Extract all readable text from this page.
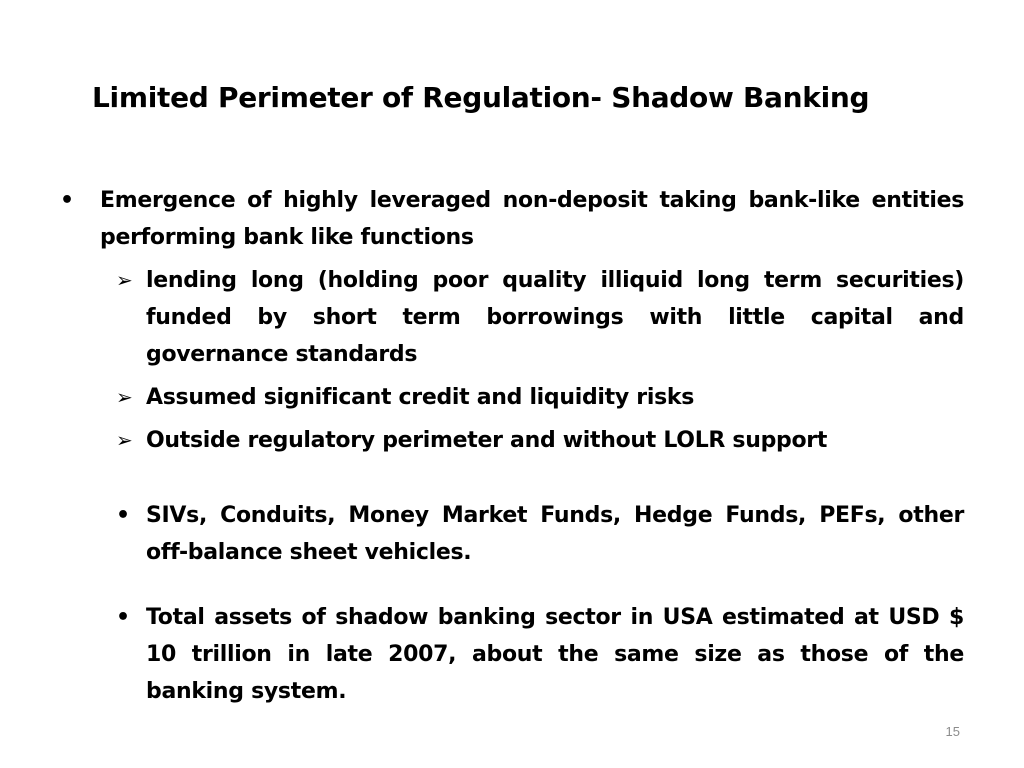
Limited Perimeter of Regulation- Shadow Banking
• Emergence of highly leveraged non-deposit taking bank-like entities performing bank like functions
➢ lending long (holding poor quality illiquid long term securities) funded by short term borrowings with little capital and governance standards
➢ Assumed significant credit and liquidity risks
➢ Outside regulatory perimeter and without LOLR support
• SIVs, Conduits, Money Market Funds, Hedge Funds, PEFs, other off-balance sheet vehicles.
• Total assets of shadow banking sector in USA estimated at USD $ 10 trillion in late 2007, about the same size as those of the banking system.
15
